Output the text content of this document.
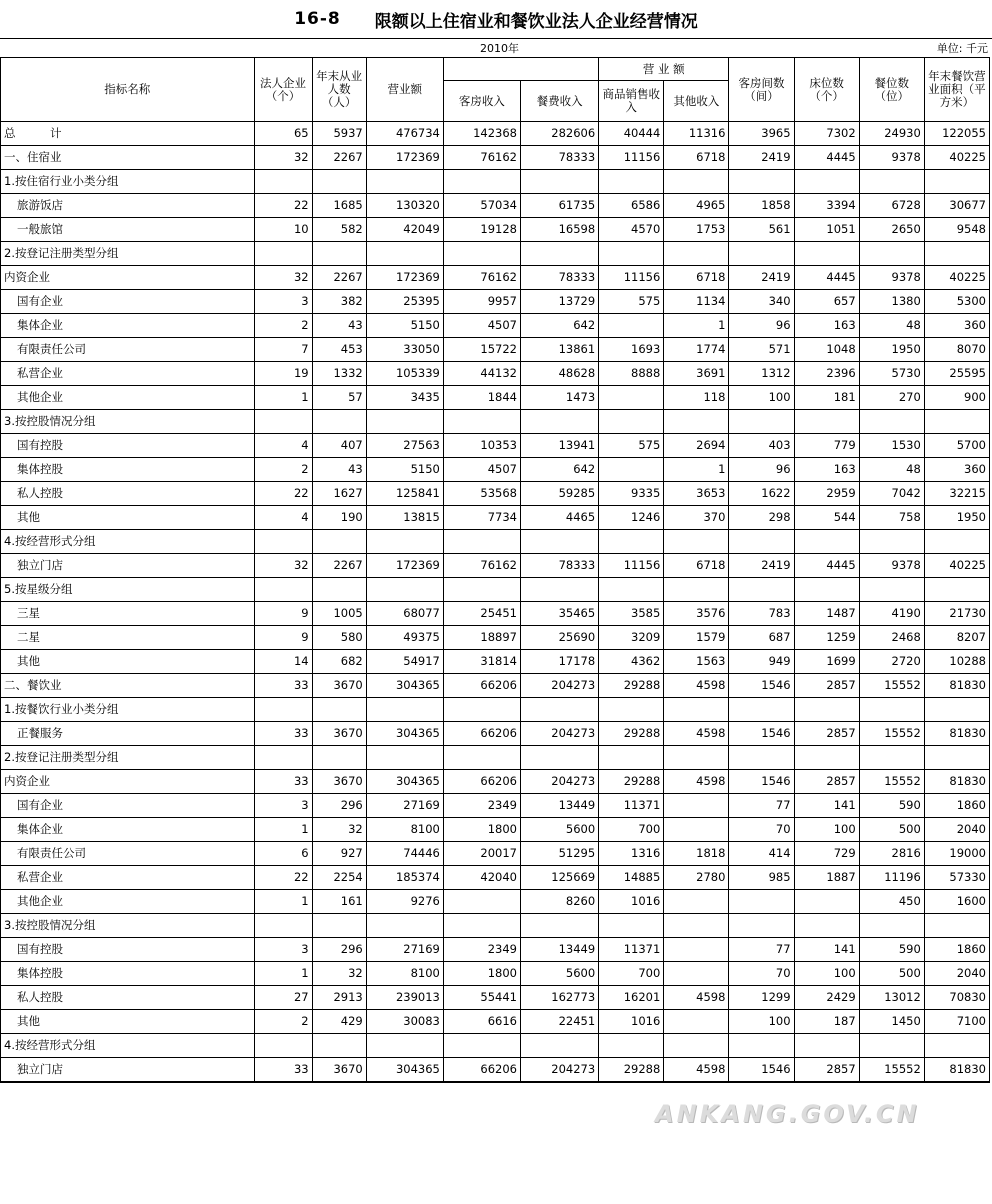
16-8 限额以上住宿业和餐饮业法人企业经营情况
2010年	单位: 千元
指标名称	法人企业（个）	年末从业人数（人）	营业额			营 业 额		客房间数（间）	床位数（个）	餐位数（位）	年末餐饮营业面积（平方米）
				客房收入	餐费收入	商品销售收入	其他收入				
总　　　计	65	5937	476734	142368	282606	40444	11316	3965	7302	24930	122055
一、住宿业	32	2267	172369	76162	78333	11156	6718	2419	4445	9378	40225
1.按住宿行业小类分组											
旅游饭店	22	1685	130320	57034	61735	6586	4965	1858	3394	6728	30677
一般旅馆	10	582	42049	19128	16598	4570	1753	561	1051	2650	9548
2.按登记注册类型分组											
内资企业	32	2267	172369	76162	78333	11156	6718	2419	4445	9378	40225
国有企业	3	382	25395	9957	13729	575	1134	340	657	1380	5300
集体企业	2	43	5150	4507	642		1	96	163	48	360
有限责任公司	7	453	33050	15722	13861	1693	1774	571	1048	1950	8070
私营企业	19	1332	105339	44132	48628	8888	3691	1312	2396	5730	25595
其他企业	1	57	3435	1844	1473		118	100	181	270	900
3.按控股情况分组											
国有控股	4	407	27563	10353	13941	575	2694	403	779	1530	5700
集体控股	2	43	5150	4507	642		1	96	163	48	360
私人控股	22	1627	125841	53568	59285	9335	3653	1622	2959	7042	32215
其他	4	190	13815	7734	4465	1246	370	298	544	758	1950
4.按经营形式分组											
独立门店	32	2267	172369	76162	78333	11156	6718	2419	4445	9378	40225
5.按星级分组											
三星	9	1005	68077	25451	35465	3585	3576	783	1487	4190	21730
二星	9	580	49375	18897	25690	3209	1579	687	1259	2468	8207
其他	14	682	54917	31814	17178	4362	1563	949	1699	2720	10288
二、餐饮业	33	3670	304365	66206	204273	29288	4598	1546	2857	15552	81830
1.按餐饮行业小类分组											
正餐服务	33	3670	304365	66206	204273	29288	4598	1546	2857	15552	81830
2.按登记注册类型分组											
内资企业	33	3670	304365	66206	204273	29288	4598	1546	2857	15552	81830
国有企业	3	296	27169	2349	13449	11371		77	141	590	1860
集体企业	1	32	8100	1800	5600	700		70	100	500	2040
有限责任公司	6	927	74446	20017	51295	1316	1818	414	729	2816	19000
私营企业	22	2254	185374	42040	125669	14885	2780	985	1887	11196	57330
其他企业	1	161	9276		8260	1016				450	1600
3.按控股情况分组											
国有控股	3	296	27169	2349	13449	11371		77	141	590	1860
集体控股	1	32	8100	1800	5600	700		70	100	500	2040
私人控股	27	2913	239013	55441	162773	16201	4598	1299	2429	13012	70830
其他	2	429	30083	6616	22451	1016		100	187	1450	7100
4.按经营形式分组											
独立门店	33	3670	304365	66206	204273	29288	4598	1546	2857	15552	81830
ANKANG.GOV.CN
